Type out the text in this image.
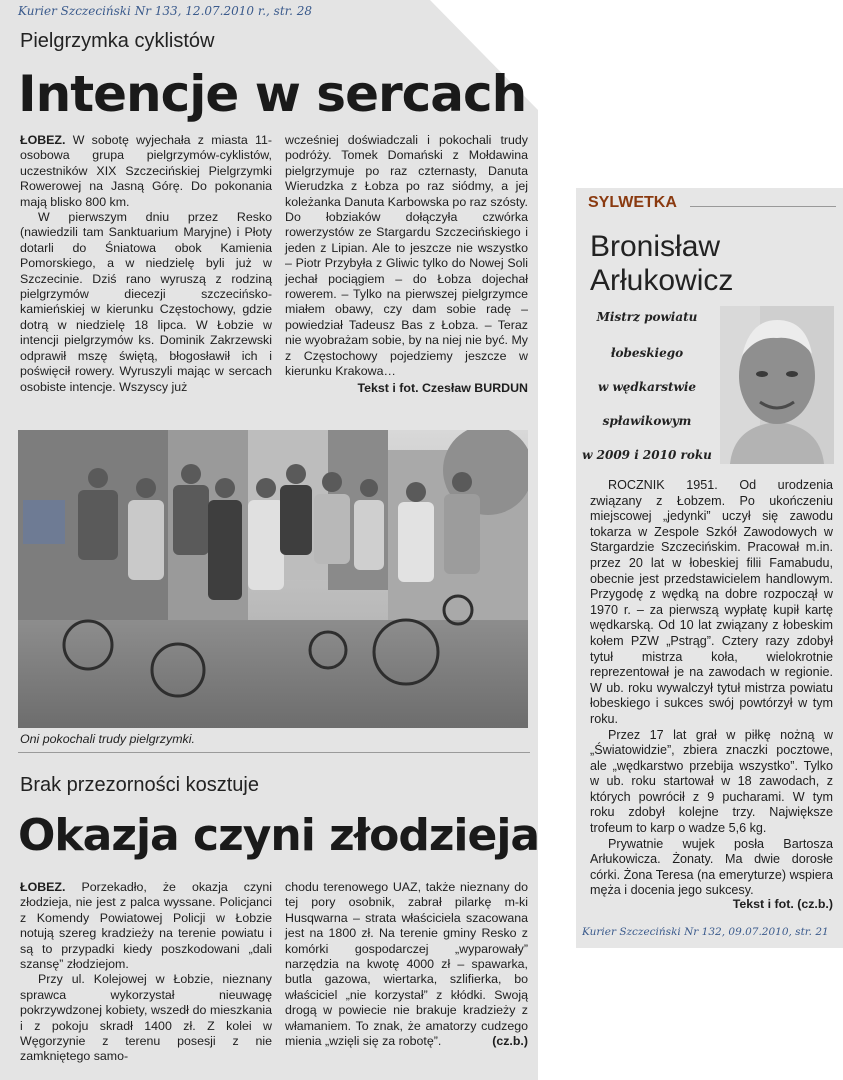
Kurier Szczeciński Nr 133, 12.07.2010 r., str. 28
Pielgrzymka cyklistów
Intencje w sercach

ŁOBEZ. W sobotę wyjechała z miasta 11-osobowa grupa pielgrzymów-cyklistów, uczestników XIX Szczecińskiej Pielgrzymki Rowerowej na Jasną Górę. Do pokonania mają blisko 800 km.

W pierwszym dniu przez Resko (nawiedzili tam Sanktuarium Maryjne) i Płoty dotarli do Śniatowa obok Kamienia Pomorskiego, a w niedzielę byli już w Szczecinie. Dziś rano wyruszą z rodziną pielgrzymów diecezji szczecińsko-kamieńskiej w kierunku Częstochowy, gdzie dotrą w niedzielę 18 lipca. W Łobzie w intencji pielgrzymów ks. Dominik Zakrzewski odprawił mszę świętą, błogosławił ich i poświęcił rowery. Wyruszyli mając w sercach osobiste intencje. Wszyscy już

wcześniej doświadczali i pokochali trudy podróży. Tomek Domański z Mołdawina pielgrzymuje po raz czternasty, Danuta Wierudzka z Łobza po raz siódmy, a jej koleżanka Danuta Karbowska po raz szósty. Do łobziaków dołączyła czwórka rowerzystów ze Stargardu Szczecińskiego i jeden z Lipian. Ale to jeszcze nie wszystko – Piotr Przybyła z Gliwic tylko do Nowej Soli jechał pociągiem – do Łobza dojechał rowerem. – Tylko na pierwszej pielgrzymce miałem obawy, czy dam sobie radę – powiedział Tadeusz Bas z Łobza. – Teraz nie wyobrażam sobie, by na niej nie być. My z Częstochowy pojedziemy jeszcze w kierunku Krakowa…

Tekst i fot. Czesław BURDUN
Oni pokochali trudy pielgrzymki.
Brak przezorności kosztuje
Okazja czyni złodzieja

ŁOBEZ. Porzekadło, że okazja czyni złodzieja, nie jest z palca wyssane. Policjanci z Komendy Powiatowej Policji w Łobzie notują szereg kradzieży na terenie powiatu i są to przypadki kiedy poszkodowani „dali szansę” złodziejom.

Przy ul. Kolejowej w Łobzie, nieznany sprawca wykorzystał nieuwagę pokrzywdzonej kobiety, wszedł do mieszkania i z pokoju skradł 1400 zł. Z kolei w Węgorzynie z terenu posesji z nie zamkniętego samo-

chodu terenowego UAZ, także nieznany do tej pory osobnik, zabrał pilarkę m-ki Husqwarna – strata właściciela szacowana jest na 1800 zł. Na terenie gminy Resko z komórki gospodarczej „wyparowały” narzędzia na kwotę 4000 zł – spawarka, butla gazowa, wiertarka, szlifierka, bo właściciel „nie korzystał” z kłódki. Swoją drogą w powiecie nie brakuje kradzieży z włamaniem. To znak, że amatorzy cudzego mienia „wzięli się za robotę”.	(cz.b.)
SYLWETKA
Bronisław
Arłukowicz
Mistrz powiatu
łobeskiego
w wędkarstwie
spławikowym
w 2009 i 2010 roku

ROCZNIK 1951. Od urodzenia związany z Łobzem. Po ukończeniu miejscowej „jedynki” uczył się zawodu tokarza w Zespole Szkół Zawodowych w Stargardzie Szczecińskim. Pracował m.in. przez 20 lat w łobeskiej filii Famabudu, obecnie jest przedstawicielem handlowym. Przygodę z wędką na dobre rozpoczął w 1970 r. – za pierwszą wypłatę kupił kartę wędkarską. Od 10 lat związany z łobeskim kołem PZW „Pstrąg”. Cztery razy zdobył tytuł mistrza koła, wielokrotnie reprezentował je na zawodach w regionie. W ub. roku wywalczył tytuł mistrza powiatu łobeskiego i sukces swój powtórzył w tym roku.

Przez 17 lat grał w piłkę nożną w „Światowidzie”, zbiera znaczki pocztowe, ale „wędkarstwo przebija wszystko”. Tylko w ub. roku startował w 18 zawodach, z których powrócił z 9 pucharami. W tym roku zdobył kolejne trzy. Największe trofeum to karp o wadze 5,6 kg.

Prywatnie wujek posła Bartosza Arłukowicza. Żonaty. Ma dwie dorosłe córki. Żona Teresa (na emeryturze) wspiera męża i docenia jego sukcesy.

Tekst i fot. (cz.b.)
Kurier Szczeciński Nr 132, 09.07.2010, str. 21
